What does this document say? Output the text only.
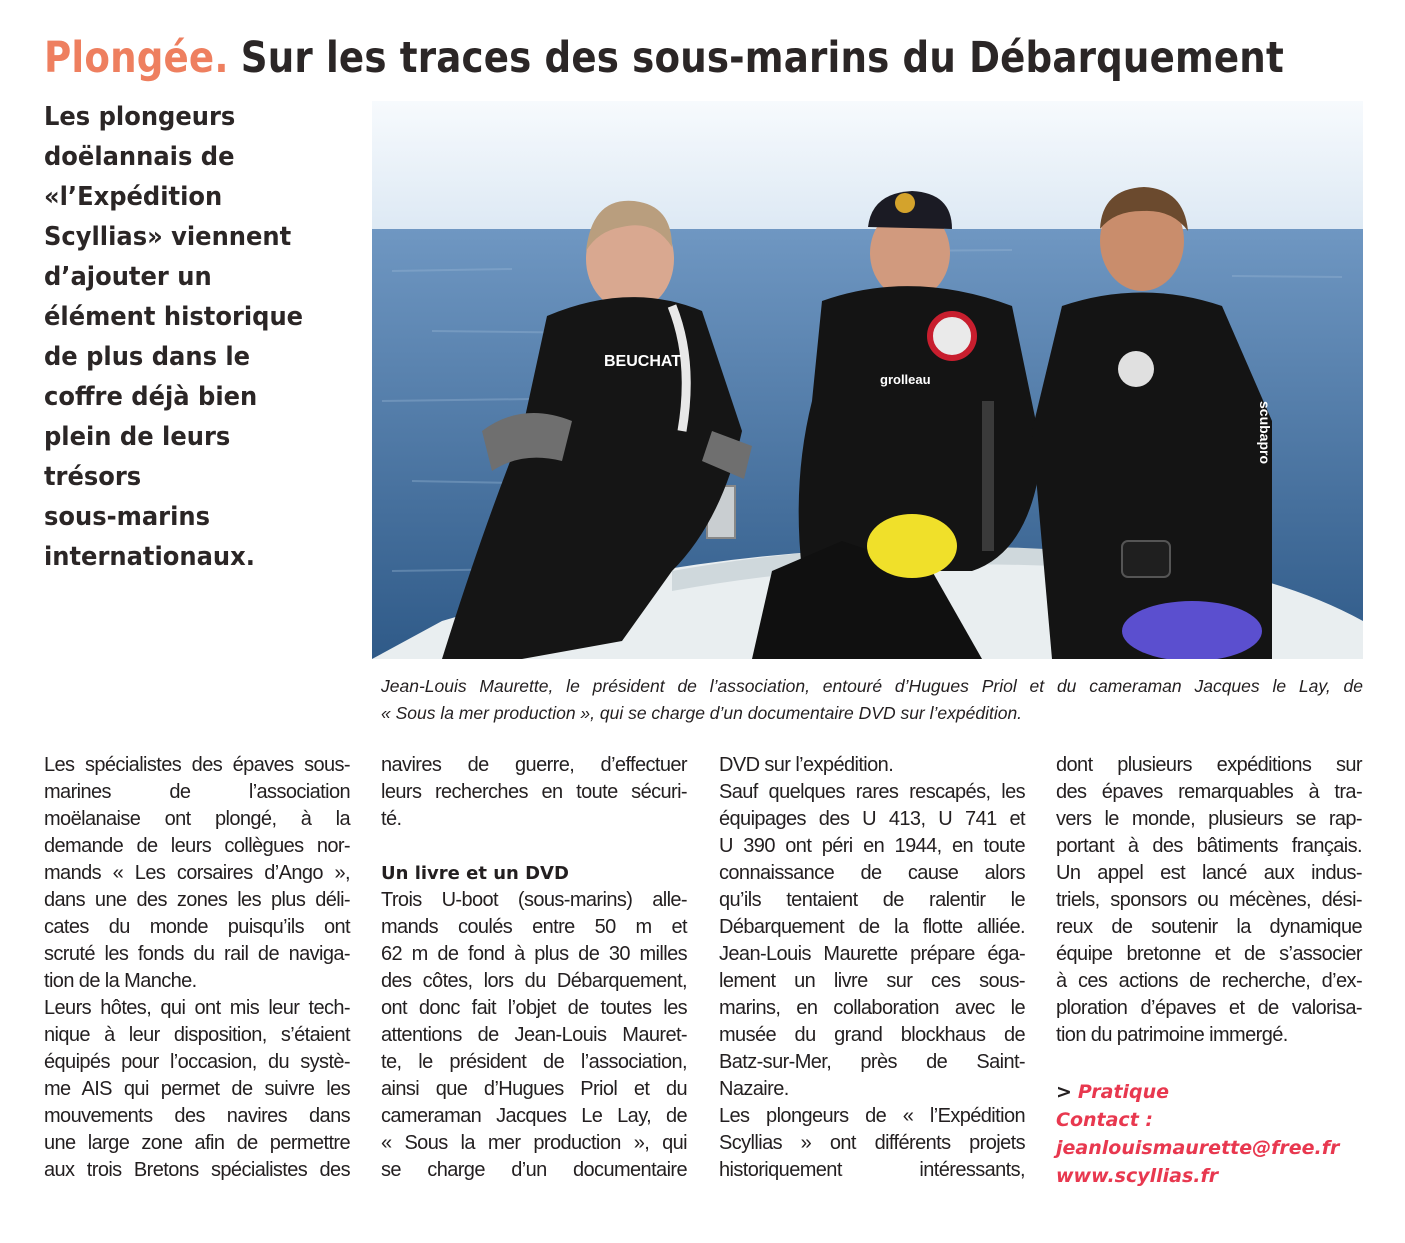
Plongée. Sur les traces des sous-marins du Débarquement
Les plongeurs
doëlannais de
«l’Expédition
Scyllias» viennent
d’ajouter un
élément historique
de plus dans le
coffre déjà bien
plein de leurs
trésors
sous-marins
internationaux.
BEUCHAT
grolleau
scubapro
Jean-Louis Maurette, le président de l’association, entouré d’Hugues Priol et du cameraman Jacques le Lay, de
« Sous la mer production », qui se charge d’un documentaire DVD sur l’expédition.
Les spécialistes des épaves sous-
marines de l’association
moëlanaise ont plongé, à la
demande de leurs collègues nor-
mands « Les corsaires d’Ango »,
dans une des zones les plus déli-
cates du monde puisqu’ils ont
scruté les fonds du rail de naviga-
tion de la Manche.
Leurs hôtes, qui ont mis leur tech-
nique à leur disposition, s’étaient
équipés pour l’occasion, du systè-
me AIS qui permet de suivre les
mouvements des navires dans
une large zone afin de permettre
aux trois Bretons spécialistes des
navires de guerre, d’effectuer
leurs recherches en toute sécuri-
té.
Un livre et un DVD
Trois U-boot (sous-marins) alle-
mands coulés entre 50 m et
62 m de fond à plus de 30 milles
des côtes, lors du Débarquement,
ont donc fait l’objet de toutes les
attentions de Jean-Louis Mauret-
te, le président de l’association,
ainsi que d’Hugues Priol et du
cameraman Jacques Le Lay, de
« Sous la mer production », qui
se charge d’un documentaire
DVD sur l’expédition.
Sauf quelques rares rescapés, les
équipages des U 413, U 741 et
U 390 ont péri en 1944, en toute
connaissance de cause alors
qu’ils tentaient de ralentir le
Débarquement de la flotte alliée.
Jean-Louis Maurette prépare éga-
lement un livre sur ces sous-
marins, en collaboration avec le
musée du grand blockhaus de
Batz-sur-Mer, près de Saint-
Nazaire.
Les plongeurs de « l’Expédition
Scyllias » ont différents projets
historiquement intéressants,
dont plusieurs expéditions sur
des épaves remarquables à tra-
vers le monde, plusieurs se rap-
portant à des bâtiments français.
Un appel est lancé aux indus-
triels, sponsors ou mécènes, dési-
reux de soutenir la dynamique
équipe bretonne et de s’associer
à ces actions de recherche, d’ex-
ploration d’épaves et de valorisa-
tion du patrimoine immergé.
> Pratique
Contact :
jeanlouismaurette@free.fr
www.scyllias.fr
